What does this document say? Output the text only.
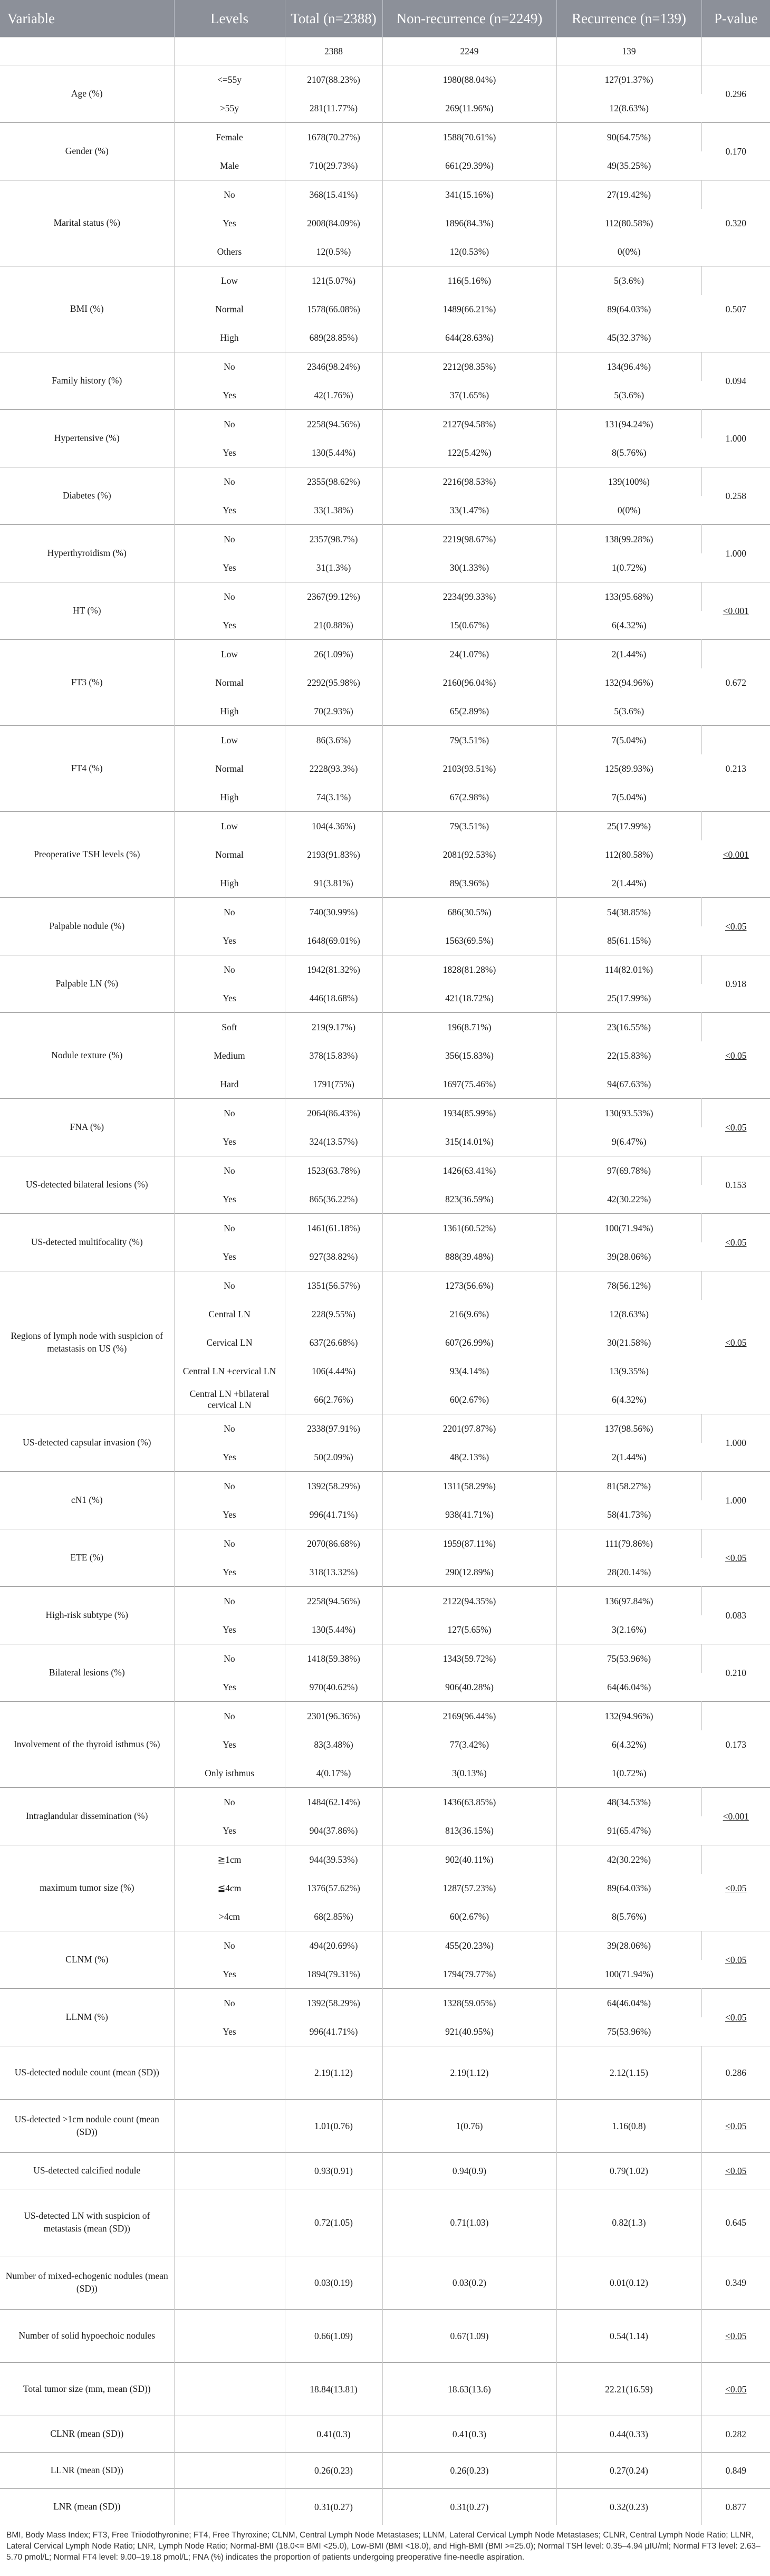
Variable	Levels	Total (n=2388)	Non-recurrence (n=2249)	Recurrence (n=139)	P-value
		2388	2249	139	
Age (%)	<=55y	2107(88.23%)	1980(88.04%)	127(91.37%)	0.296
	>55y	281(11.77%)	269(11.96%)	12(8.63%)	
Gender (%)	Female	1678(70.27%)	1588(70.61%)	90(64.75%)	0.170
	Male	710(29.73%)	661(29.39%)	49(35.25%)	
Marital status (%)	No	368(15.41%)	341(15.16%)	27(19.42%)	0.320
	Yes	2008(84.09%)	1896(84.3%)	112(80.58%)	
	Others	12(0.5%)	12(0.53%)	0(0%)	
BMI (%)	Low	121(5.07%)	116(5.16%)	5(3.6%)	0.507
	Normal	1578(66.08%)	1489(66.21%)	89(64.03%)	
	High	689(28.85%)	644(28.63%)	45(32.37%)	
Family history (%)	No	2346(98.24%)	2212(98.35%)	134(96.4%)	0.094
	Yes	42(1.76%)	37(1.65%)	5(3.6%)	
Hypertensive (%)	No	2258(94.56%)	2127(94.58%)	131(94.24%)	1.000
	Yes	130(5.44%)	122(5.42%)	8(5.76%)	
Diabetes (%)	No	2355(98.62%)	2216(98.53%)	139(100%)	0.258
	Yes	33(1.38%)	33(1.47%)	0(0%)	
Hyperthyroidism (%)	No	2357(98.7%)	2219(98.67%)	138(99.28%)	1.000
	Yes	31(1.3%)	30(1.33%)	1(0.72%)	
HT (%)	No	2367(99.12%)	2234(99.33%)	133(95.68%)	<0.001
	Yes	21(0.88%)	15(0.67%)	6(4.32%)	
FT3 (%)	Low	26(1.09%)	24(1.07%)	2(1.44%)	0.672
	Normal	2292(95.98%)	2160(96.04%)	132(94.96%)	
	High	70(2.93%)	65(2.89%)	5(3.6%)	
FT4 (%)	Low	86(3.6%)	79(3.51%)	7(5.04%)	0.213
	Normal	2228(93.3%)	2103(93.51%)	125(89.93%)	
	High	74(3.1%)	67(2.98%)	7(5.04%)	
Preoperative TSH levels (%)	Low	104(4.36%)	79(3.51%)	25(17.99%)	<0.001
	Normal	2193(91.83%)	2081(92.53%)	112(80.58%)	
	High	91(3.81%)	89(3.96%)	2(1.44%)	
Palpable nodule (%)	No	740(30.99%)	686(30.5%)	54(38.85%)	<0.05
	Yes	1648(69.01%)	1563(69.5%)	85(61.15%)	
Palpable LN (%)	No	1942(81.32%)	1828(81.28%)	114(82.01%)	0.918
	Yes	446(18.68%)	421(18.72%)	25(17.99%)	
Nodule texture (%)	Soft	219(9.17%)	196(8.71%)	23(16.55%)	<0.05
	Medium	378(15.83%)	356(15.83%)	22(15.83%)	
	Hard	1791(75%)	1697(75.46%)	94(67.63%)	
FNA (%)	No	2064(86.43%)	1934(85.99%)	130(93.53%)	<0.05
	Yes	324(13.57%)	315(14.01%)	9(6.47%)	
US-detected bilateral lesions (%)	No	1523(63.78%)	1426(63.41%)	97(69.78%)	0.153
	Yes	865(36.22%)	823(36.59%)	42(30.22%)	
US-detected multifocality (%)	No	1461(61.18%)	1361(60.52%)	100(71.94%)	<0.05
	Yes	927(38.82%)	888(39.48%)	39(28.06%)	
Regions of lymph node with suspicion of metastasis on US (%)	No	1351(56.57%)	1273(56.6%)	78(56.12%)	<0.05
	Central LN	228(9.55%)	216(9.6%)	12(8.63%)	
	Cervical LN	637(26.68%)	607(26.99%)	30(21.58%)	
	Central LN +cervical LN	106(4.44%)	93(4.14%)	13(9.35%)	
	Central LN +bilateral cervical LN	66(2.76%)	60(2.67%)	6(4.32%)	
US-detected capsular invasion (%)	No	2338(97.91%)	2201(97.87%)	137(98.56%)	1.000
	Yes	50(2.09%)	48(2.13%)	2(1.44%)	
cN1 (%)	No	1392(58.29%)	1311(58.29%)	81(58.27%)	1.000
	Yes	996(41.71%)	938(41.71%)	58(41.73%)	
ETE (%)	No	2070(86.68%)	1959(87.11%)	111(79.86%)	<0.05
	Yes	318(13.32%)	290(12.89%)	28(20.14%)	
High-risk subtype (%)	No	2258(94.56%)	2122(94.35%)	136(97.84%)	0.083
	Yes	130(5.44%)	127(5.65%)	3(2.16%)	
Bilateral lesions (%)	No	1418(59.38%)	1343(59.72%)	75(53.96%)	0.210
	Yes	970(40.62%)	906(40.28%)	64(46.04%)	
Involvement of the thyroid isthmus (%)	No	2301(96.36%)	2169(96.44%)	132(94.96%)	0.173
	Yes	83(3.48%)	77(3.42%)	6(4.32%)	
	Only isthmus	4(0.17%)	3(0.13%)	1(0.72%)	
Intraglandular dissemination (%)	No	1484(62.14%)	1436(63.85%)	48(34.53%)	<0.001
	Yes	904(37.86%)	813(36.15%)	91(65.47%)	
maximum tumor size (%)	≧1cm	944(39.53%)	902(40.11%)	42(30.22%)	<0.05
	≦4cm	1376(57.62%)	1287(57.23%)	89(64.03%)	
	>4cm	68(2.85%)	60(2.67%)	8(5.76%)	
CLNM (%)	No	494(20.69%)	455(20.23%)	39(28.06%)	<0.05
	Yes	1894(79.31%)	1794(79.77%)	100(71.94%)	
LLNM (%)	No	1392(58.29%)	1328(59.05%)	64(46.04%)	<0.05
	Yes	996(41.71%)	921(40.95%)	75(53.96%)	
US-detected nodule count (mean (SD))		2.19(1.12)	2.19(1.12)	2.12(1.15)	0.286
US-detected >1cm nodule count (mean (SD))		1.01(0.76)	1(0.76)	1.16(0.8)	<0.05
US-detected calcified nodule		0.93(0.91)	0.94(0.9)	0.79(1.02)	<0.05
US-detected LN with suspicion of metastasis (mean (SD))		0.72(1.05)	0.71(1.03)	0.82(1.3)	0.645
Number of mixed-echogenic nodules (mean (SD))		0.03(0.19)	0.03(0.2)	0.01(0.12)	0.349
Number of solid hypoechoic nodules		0.66(1.09)	0.67(1.09)	0.54(1.14)	<0.05
Total tumor size (mm, mean (SD))		18.84(13.81)	18.63(13.6)	22.21(16.59)	<0.05
CLNR (mean (SD))		0.41(0.3)	0.41(0.3)	0.44(0.33)	0.282
LLNR (mean (SD))		0.26(0.23)	0.26(0.23)	0.27(0.24)	0.849
LNR (mean (SD))		0.31(0.27)	0.31(0.27)	0.32(0.23)	0.877
BMI, Body Mass Index; FT3, Free Triiodothyronine; FT4, Free Thyroxine; CLNM, Central Lymph Node Metastases; LLNM, Lateral Cervical Lymph Node Metastases; CLNR, Central Lymph Node Ratio; LLNR, Lateral Cervical Lymph Node Ratio; LNR, Lymph Node Ratio; Normal-BMI (18.0<= BMI <25.0), Low-BMI (BMI <18.0), and High-BMI (BMI >=25.0); Normal TSH level: 0.35–4.94 μIU/ml; Normal FT3 level: 2.63–5.70 pmol/L; Normal FT4 level: 9.00–19.18 pmol/L; FNA (%) indicates the proportion of patients undergoing preoperative fine-needle aspiration.
